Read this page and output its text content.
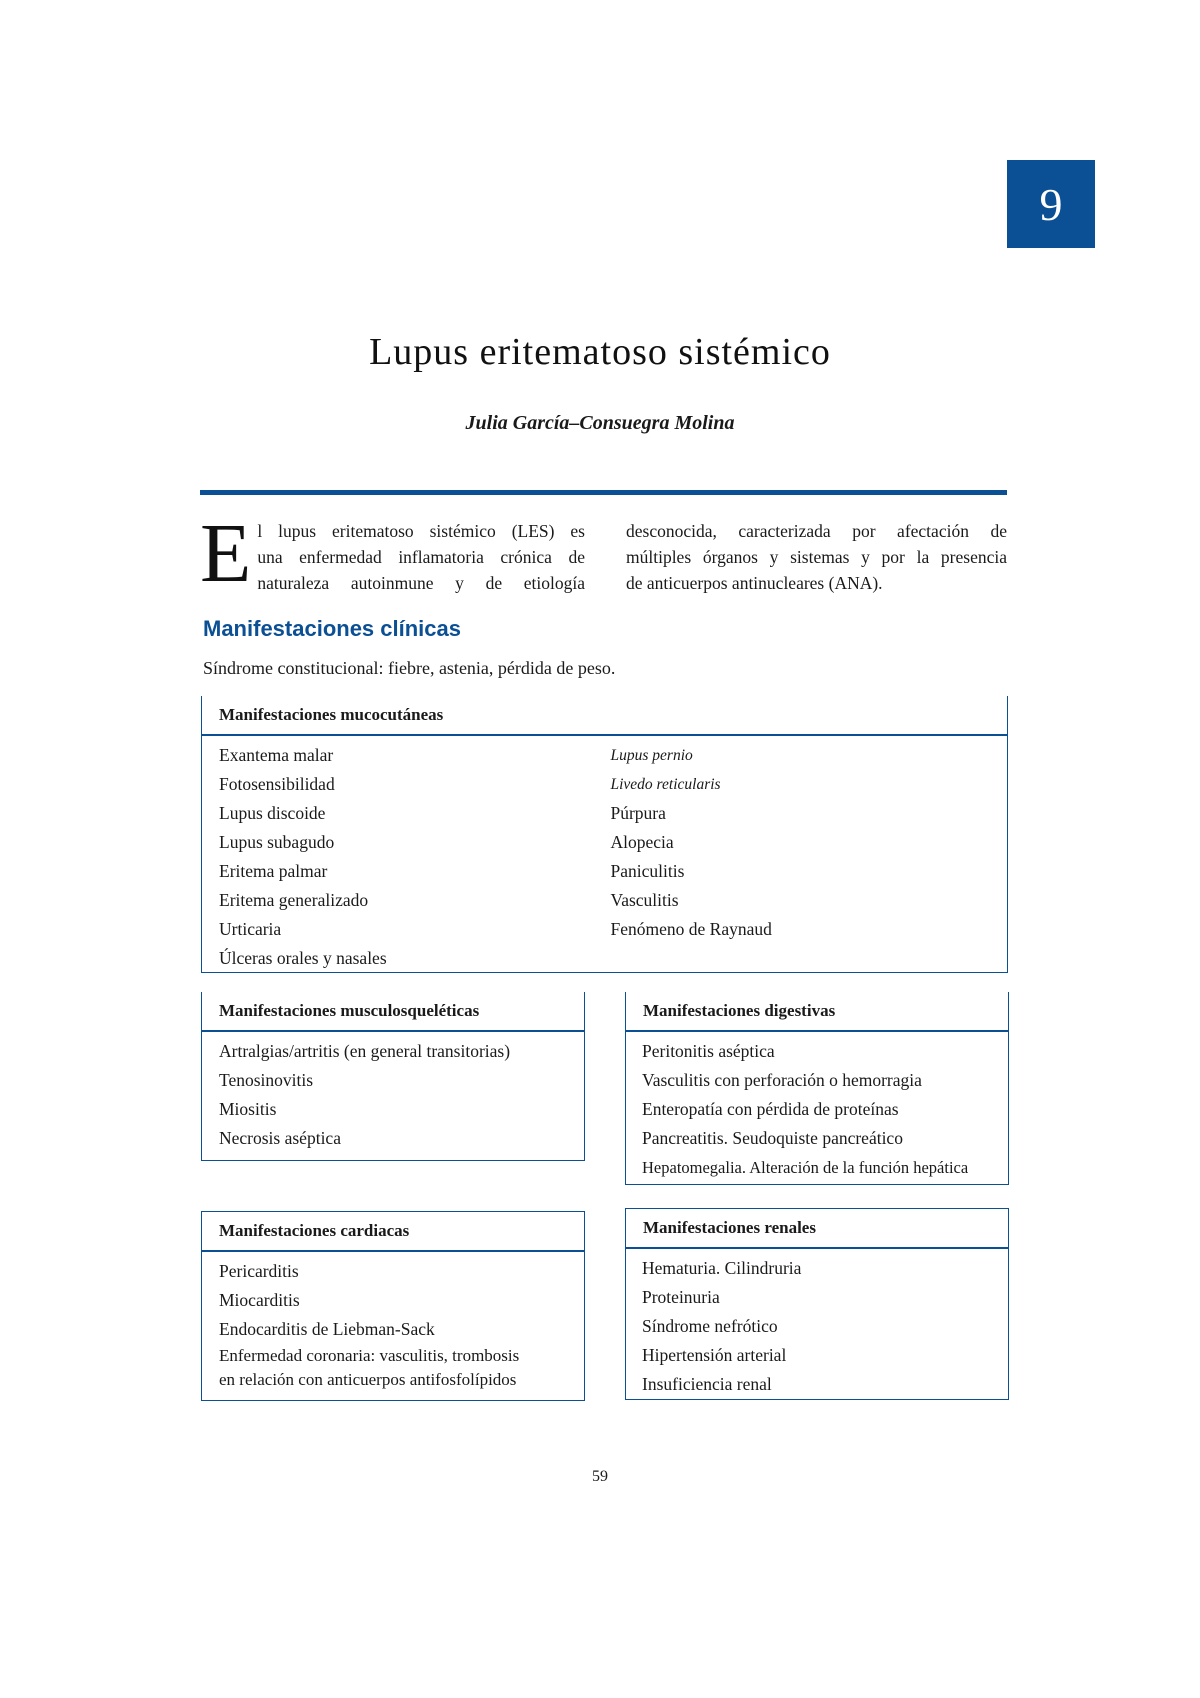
9
Lupus eritematoso sistémico
Julia García–Consuegra Molina
E l lupus eritematoso sistémico (LES) es
una enfermedad inflamatoria crónica de
naturaleza autoinmune y de etiología
desconocida, caracterizada por afectación de
múltiples órganos y sistemas y por la presencia
de anticuerpos antinucleares (ANA).
Manifestaciones clínicas
Síndrome constitucional: fiebre, astenia, pérdida de peso.
Manifestaciones mucocutáneas
Exantema malar
Fotosensibilidad
Lupus discoide
Lupus subagudo
Eritema palmar
Eritema generalizado
Urticaria
Úlceras orales y nasales
Lupus pernio
Livedo reticularis
Púrpura
Alopecia
Paniculitis
Vasculitis
Fenómeno de Raynaud
Manifestaciones musculosqueléticas
Artralgias/artritis (en general transitorias)
Tenosinovitis
Miositis
Necrosis aséptica
Manifestaciones digestivas
Peritonitis aséptica
Vasculitis con perforación o hemorragia
Enteropatía con pérdida de proteínas
Pancreatitis. Seudoquiste pancreático
Hepatomegalia. Alteración de la función hepática
Manifestaciones cardiacas
Pericarditis
Miocarditis
Endocarditis de Liebman-Sack
Enfermedad coronaria: vasculitis, trombosis
en relación con anticuerpos antifosfolípidos
Manifestaciones renales
Hematuria. Cilindruria
Proteinuria
Síndrome nefrótico
Hipertensión arterial
Insuficiencia renal
59
